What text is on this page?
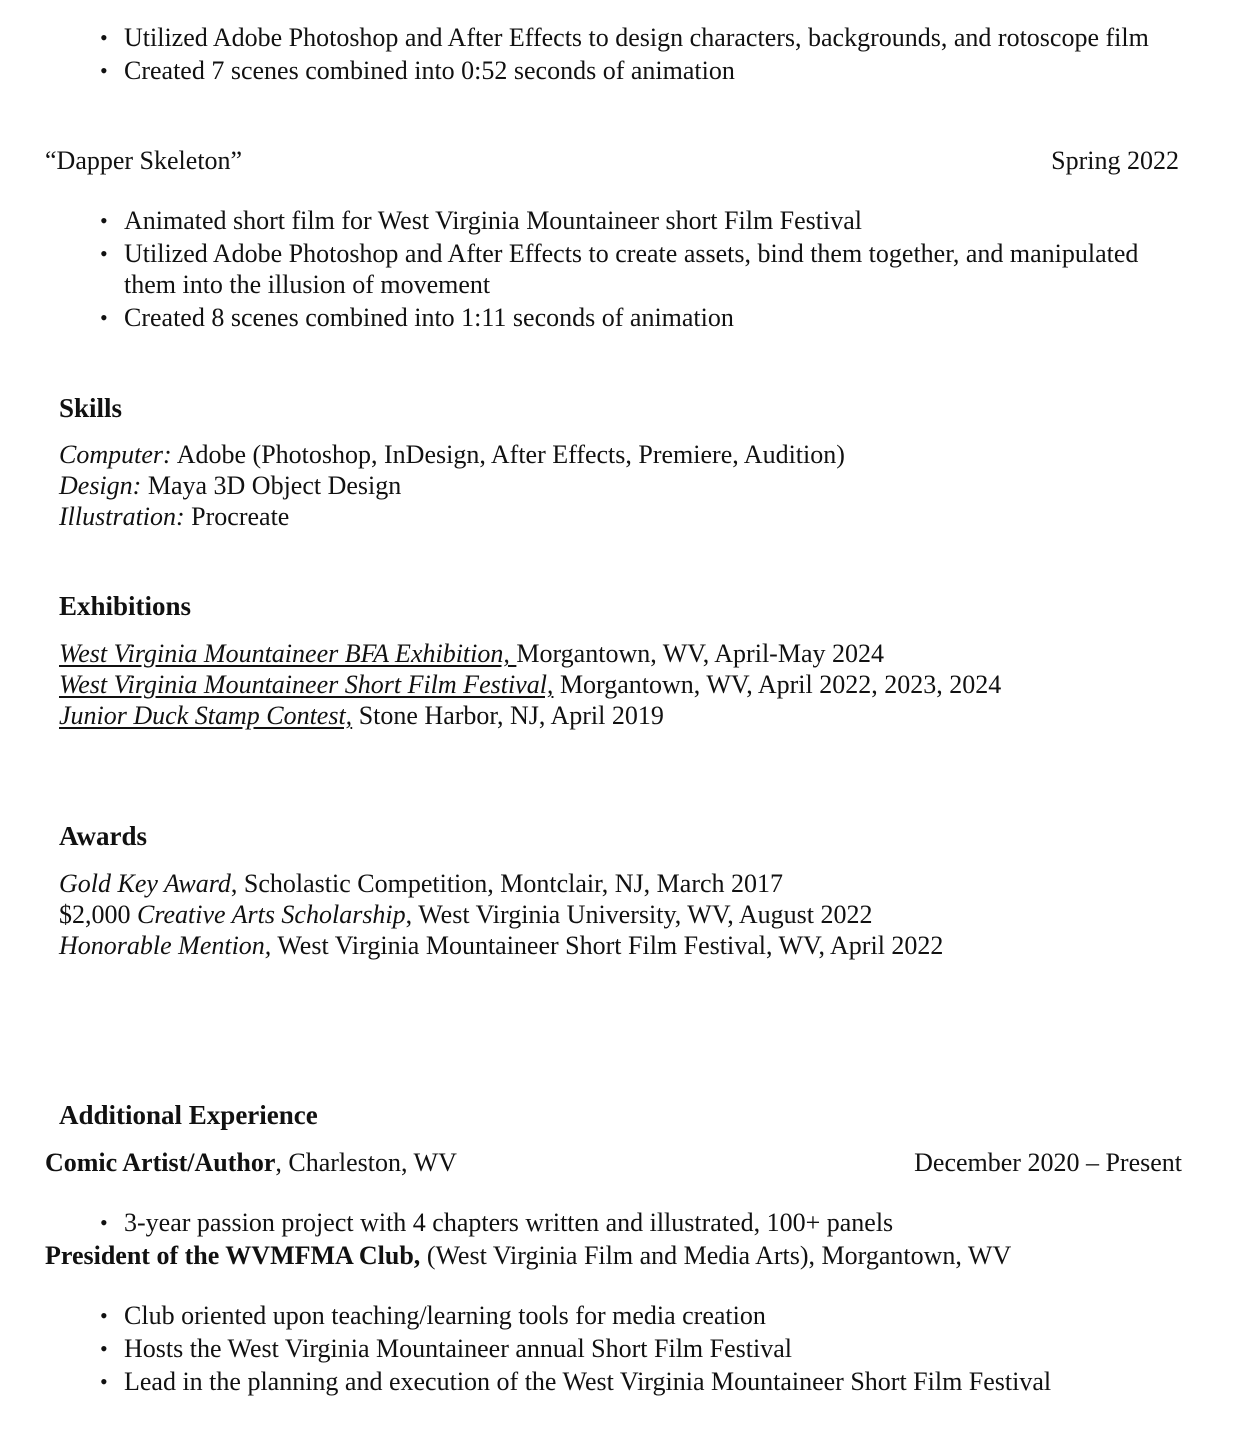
• Utilized Adobe Photoshop and After Effects to design characters, backgrounds, and rotoscope film
• Created 7 scenes combined into 0:52 seconds of animation
“Dapper Skeleton”	Spring 2022
• Animated short film for West Virginia Mountaineer short Film Festival
• Utilized Adobe Photoshop and After Effects to create assets, bind them together, and manipulated them into the illusion of movement
• Created 8 scenes combined into 1:11 seconds of animation
Skills
Computer: Adobe (Photoshop, InDesign, After Effects, Premiere, Audition)
Design: Maya 3D Object Design
Illustration: Procreate
Exhibitions
West Virginia Mountaineer BFA Exhibition, Morgantown, WV, April-May 2024
West Virginia Mountaineer Short Film Festival, Morgantown, WV, April 2022, 2023, 2024
Junior Duck Stamp Contest, Stone Harbor, NJ, April 2019
Awards
Gold Key Award, Scholastic Competition, Montclair, NJ, March 2017
$2,000 Creative Arts Scholarship, West Virginia University, WV, August 2022
Honorable Mention, West Virginia Mountaineer Short Film Festival, WV, April 2022
Additional Experience
Comic Artist/Author, Charleston, WV	December 2020 – Present
• 3-year passion project with 4 chapters written and illustrated, 100+ panels
President of the WVMFMA Club, (West Virginia Film and Media Arts), Morgantown, WV
• Club oriented upon teaching/learning tools for media creation
• Hosts the West Virginia Mountaineer annual Short Film Festival
• Lead in the planning and execution of the West Virginia Mountaineer Short Film Festival
